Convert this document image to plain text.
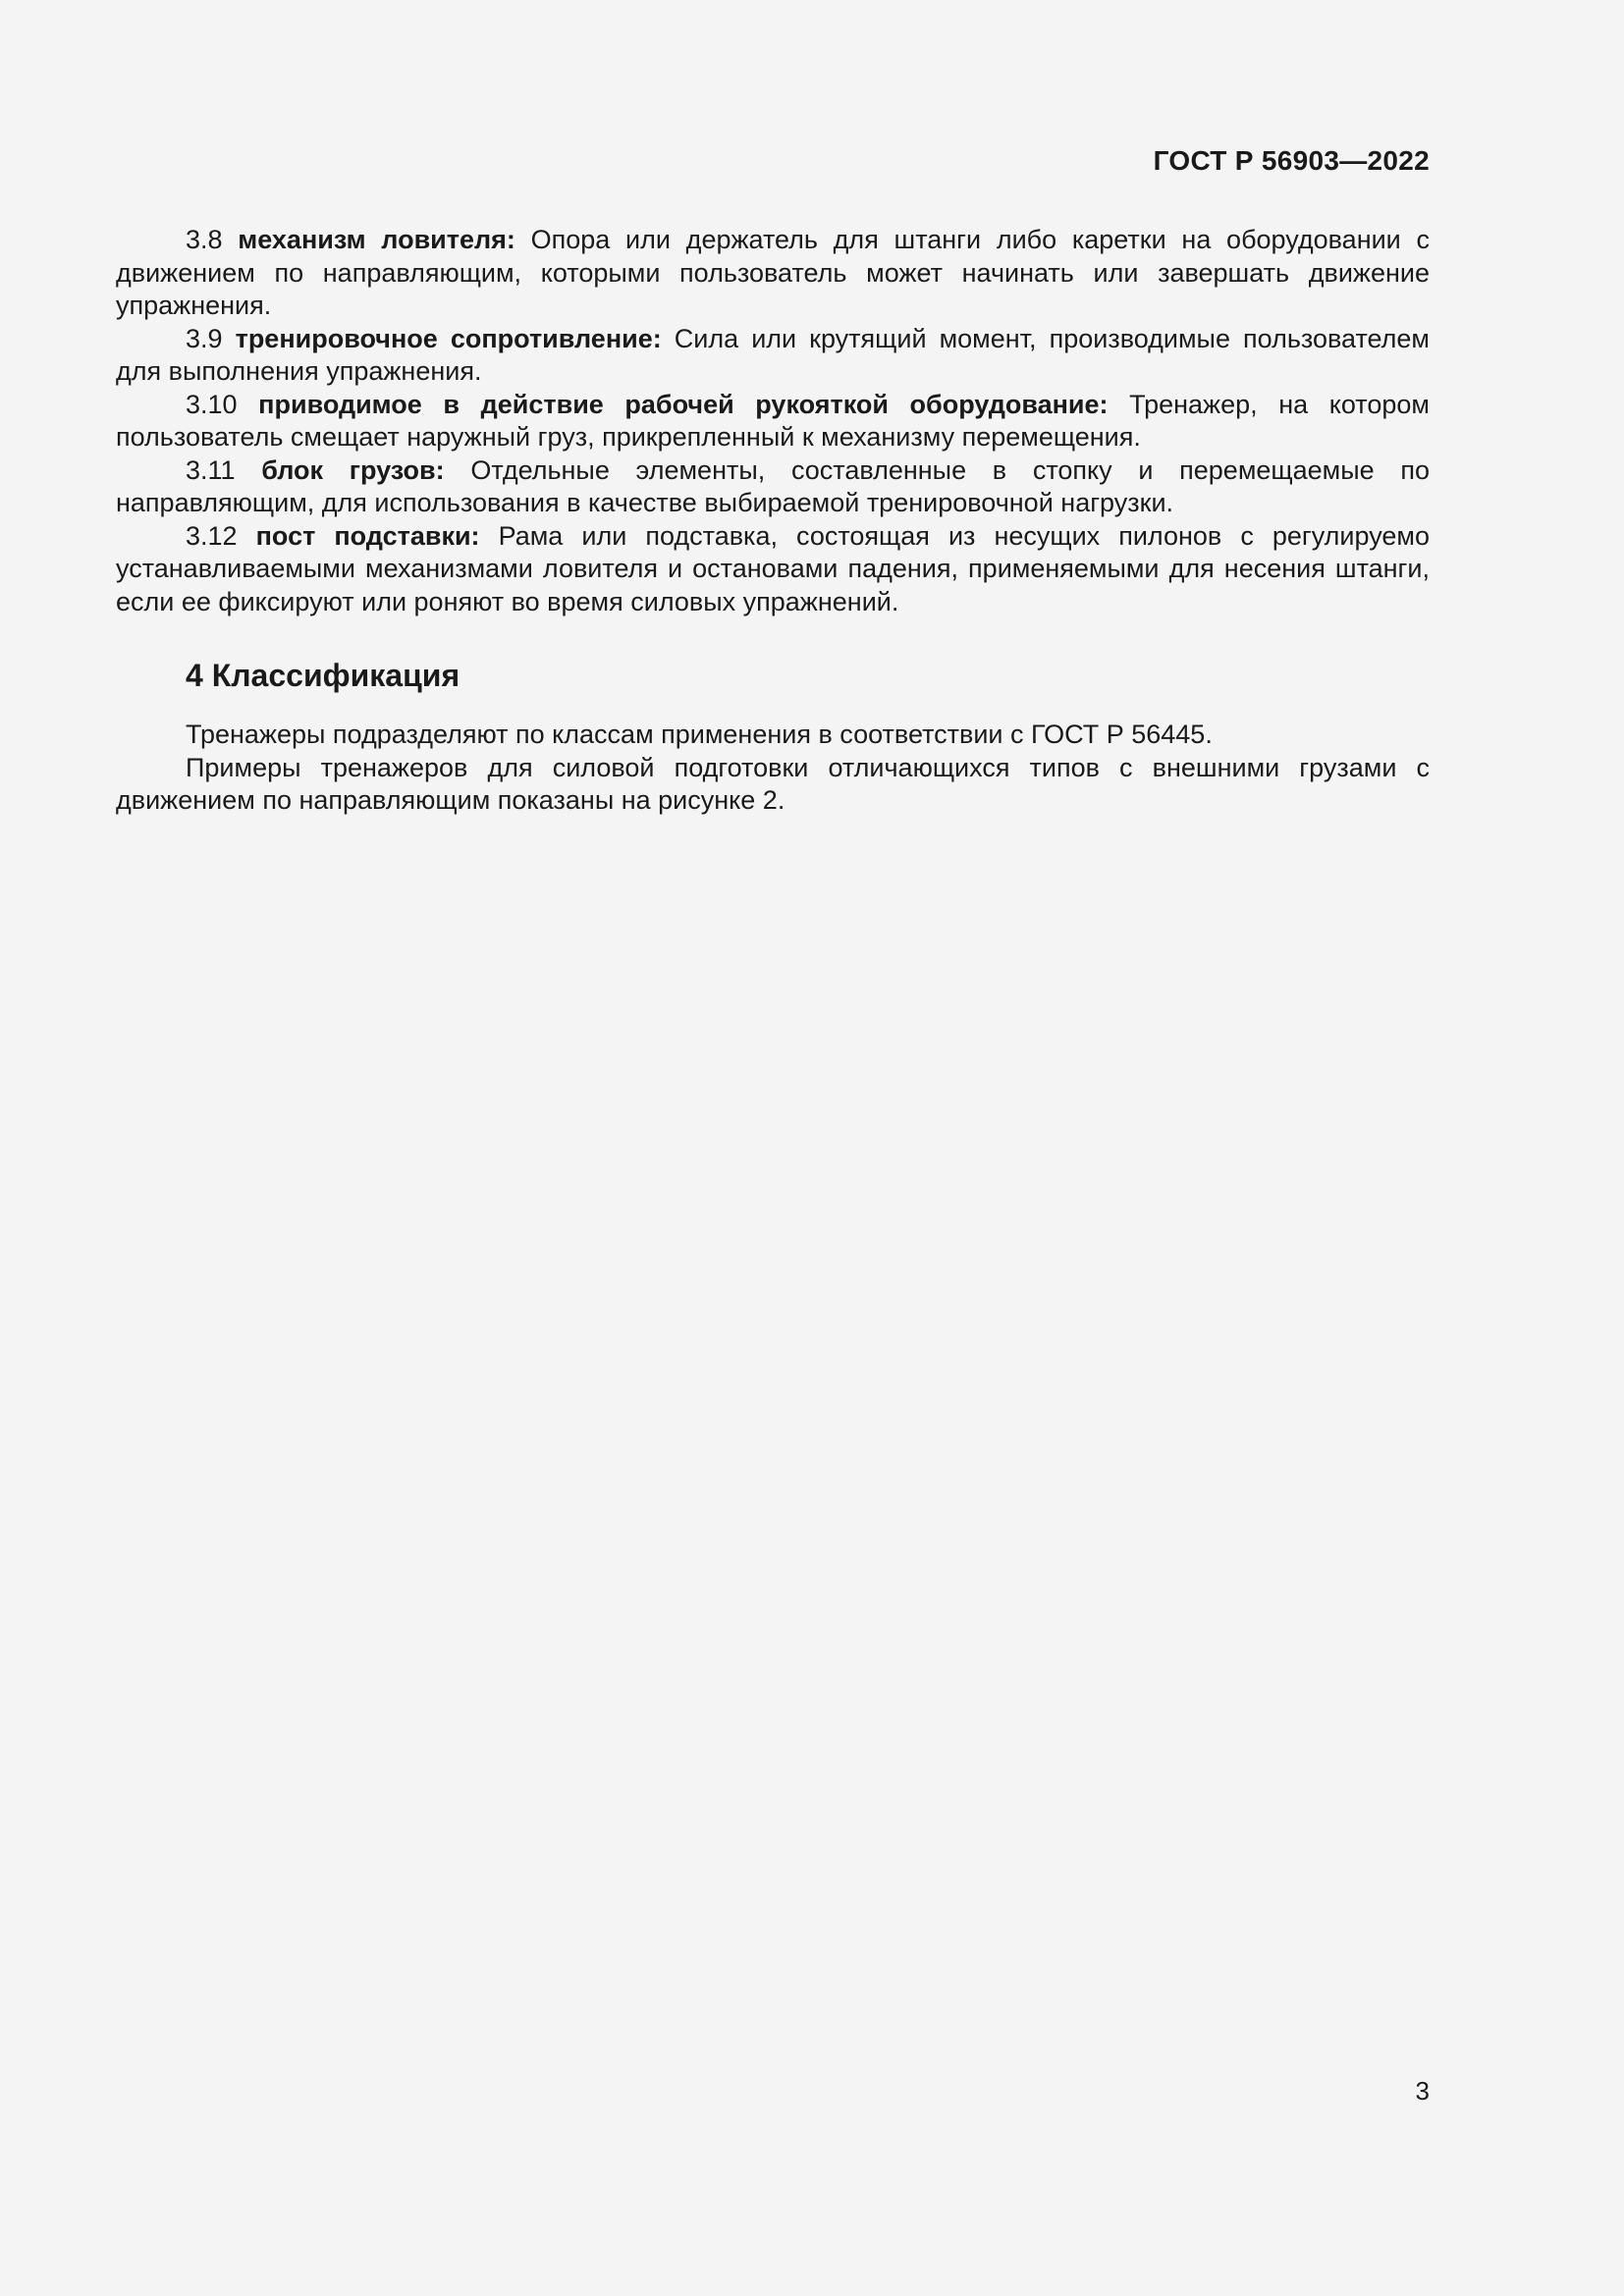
ГОСТ Р 56903—2022

3.8 механизм ловителя: Опора или держатель для штанги либо каретки на оборудовании с движением по направляющим, которыми пользователь может начинать или завершать движение упражнения.

3.9 тренировочное сопротивление: Сила или крутящий момент, производимые пользователем для выполнения упражнения.

3.10 приводимое в действие рабочей рукояткой оборудование: Тренажер, на котором пользователь смещает наружный груз, прикрепленный к механизму перемещения.

3.11 блок грузов: Отдельные элементы, составленные в стопку и перемещаемые по направляющим, для использования в качестве выбираемой тренировочной нагрузки.

3.12 пост подставки: Рама или подставка, состоящая из несущих пилонов с регулируемо устанавливаемыми механизмами ловителя и остановами падения, применяемыми для несения штанги, если ее фиксируют или роняют во время силовых упражнений.

4 Классификация

Тренажеры подразделяют по классам применения в соответствии с ГОСТ Р 56445.

Примеры тренажеров для силовой подготовки отличающихся типов с внешними грузами с движением по направляющим показаны на рисунке 2.

3
